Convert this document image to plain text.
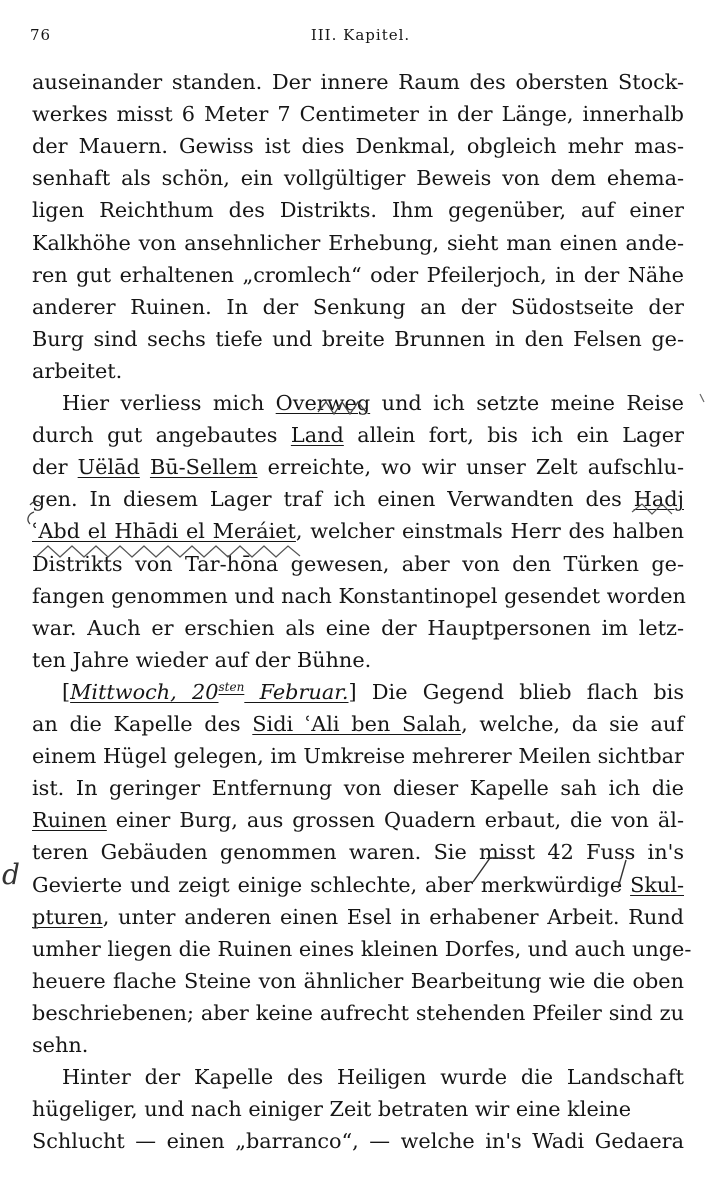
76	III. Kapitel.
auseinander standen. Der innere Raum des obersten Stock-
werkes misst 6 Meter 7 Centimeter in der Länge, innerhalb
der Mauern. Gewiss ist dies Denkmal, obgleich mehr mas-
senhaft als schön, ein vollgültiger Beweis von dem ehema-
ligen Reichthum des Distrikts. Ihm gegenüber, auf einer
Kalkhöhe von ansehnlicher Erhebung, sieht man einen ande-
ren gut erhaltenen „cromlech“ oder Pfeilerjoch, in der Nähe
anderer Ruinen. In der Senkung an der Südostseite der
Burg sind sechs tiefe und breite Brunnen in den Felsen ge-
arbeitet.
Hier verliess mich Overweg und ich setzte meine Reise
durch gut angebautes Land allein fort, bis ich ein Lager
der Uëlād Bū-Sellem erreichte, wo wir unser Zelt aufschlu-
gen. In diesem Lager traf ich einen Verwandten des Hadj
ʿAbd el Hhādi el Meráiet, welcher einstmals Herr des halben
Distrikts von Tar-hōna gewesen, aber von den Türken ge-
fangen genommen und nach Konstantinopel gesendet worden
war. Auch er erschien als eine der Hauptpersonen im letz-
ten Jahre wieder auf der Bühne.
[Mittwoch, $20^{sten}$ Februar.] Die Gegend blieb flach bis
an die Kapelle des Sidi ʿAli ben Salah, welche, da sie auf
einem Hügel gelegen, im Umkreise mehrerer Meilen sichtbar
ist. In geringer Entfernung von dieser Kapelle sah ich die
Ruinen einer Burg, aus grossen Quadern erbaut, die von äl-
teren Gebäuden genommen waren. Sie misst 42 Fuss in's
Gevierte und zeigt einige schlechte, aber merkwürdige Skul-
pturen, unter anderen einen Esel in erhabener Arbeit. Rund
umher liegen die Ruinen eines kleinen Dorfes, und auch unge-
heuere flache Steine von ähnlicher Bearbeitung wie die oben
beschriebenen; aber keine aufrecht stehenden Pfeiler sind zu
sehn.
Hinter der Kapelle des Heiligen wurde die Landschaft
hügeliger, und nach einiger Zeit betraten wir eine kleine
Schlucht — einen „barranco“, — welche in's Wadi Gedaera
d
